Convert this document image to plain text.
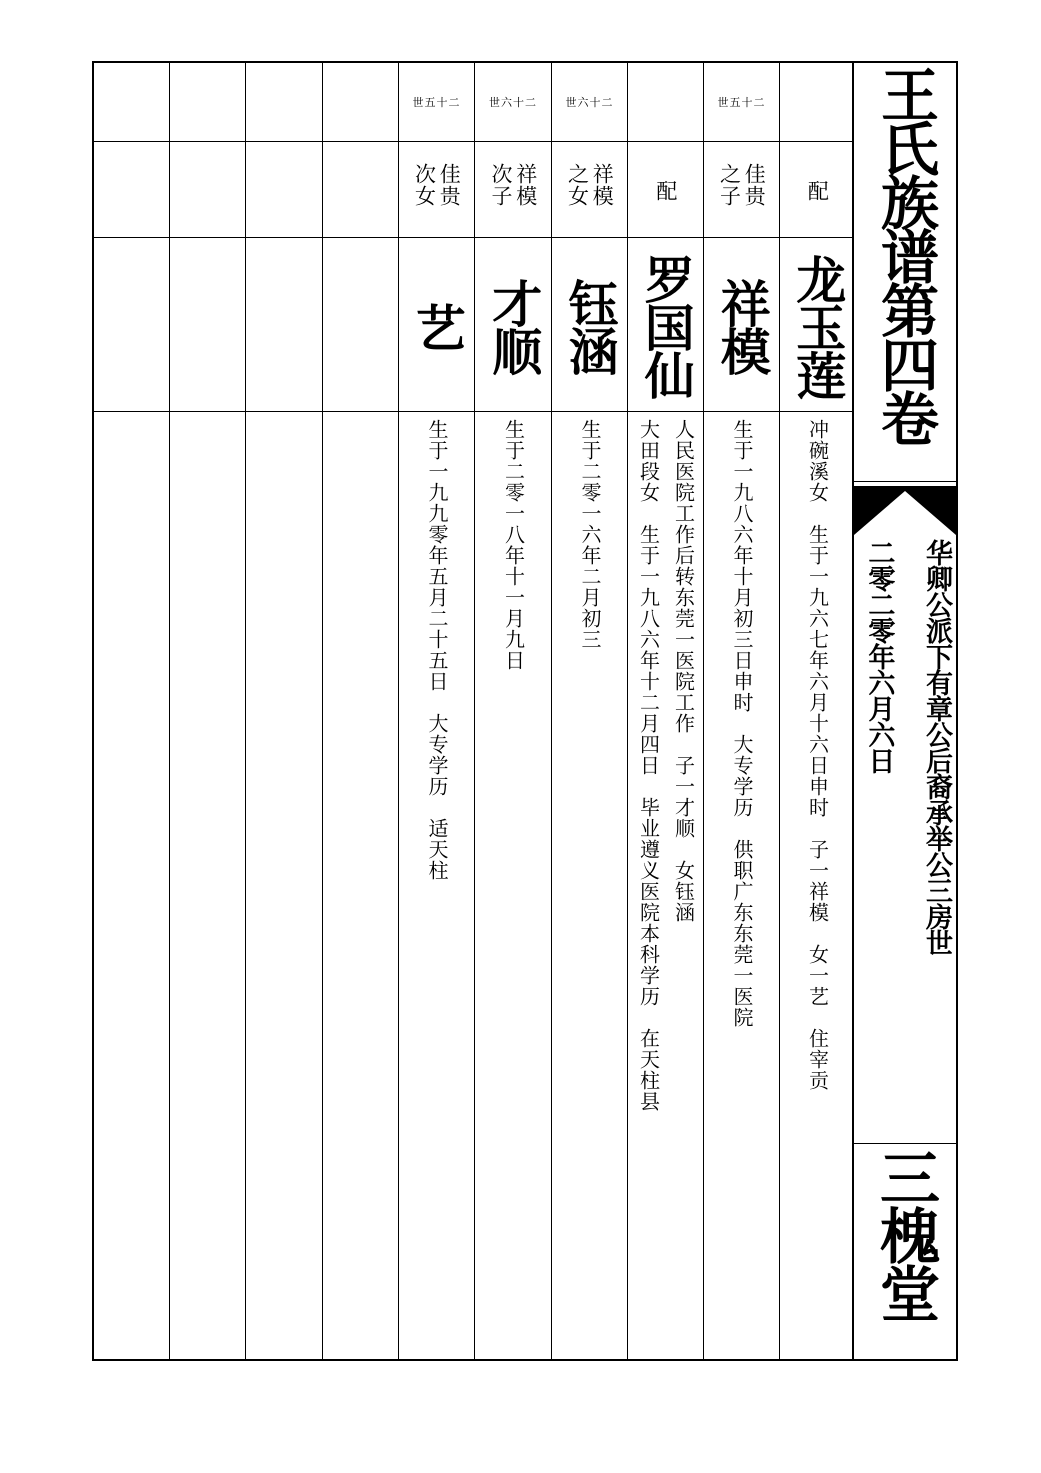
配
龙玉莲
冲碗溪女　生于一九六七年六月十六日申时　子一祥模　女一艺　住宰贡
世五十二
佳贵之子
祥模
生于一九八六年十月初三日申时　大专学历　供职广东东莞一医院
配
罗国仙
大田段女　生于一九八六年十二月四日　毕业遵义医院本科学历　在天柱县 人民医院工作后转东莞一医院工作　子一才顺　女钰涵
世六十二
祥模之女
钰涵
生于二零一六年二月初三
世六十二
祥模次子
才顺
生于二零一八年十一月九日
世五十二
佳贵次女
艺
生于一九九零年五月二十五日　大专学历　适天柱
王氏族谱第四卷
华卿公派下有章公后裔承举公三房世
二零二零年六月六日
三槐堂
